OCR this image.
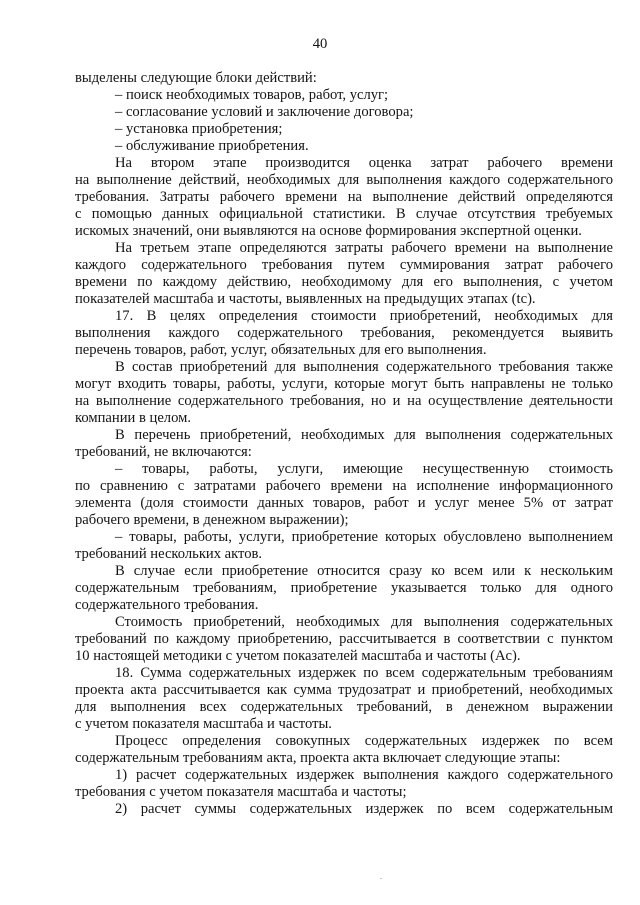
40
выделены следующие блоки действий:
– поиск необходимых товаров, работ, услуг;
– согласование условий и заключение договора;
– установка приобретения;
– обслуживание приобретения.
На втором этапе производится оценка затрат рабочего времени
на выполнение действий, необходимых для выполнения каждого содержательного
требования. Затраты рабочего времени на выполнение действий определяются
с помощью данных официальной статистики. В случае отсутствия требуемых
искомых значений, они выявляются на основе формирования экспертной оценки.
На третьем этапе определяются затраты рабочего времени на выполнение
каждого содержательного требования путем суммирования затрат рабочего
времени по каждому действию, необходимому для его выполнения, с учетом
показателей масштаба и частоты, выявленных на предыдущих этапах (tc).
17. В целях определения стоимости приобретений, необходимых для
выполнения каждого содержательного требования, рекомендуется выявить
перечень товаров, работ, услуг, обязательных для его выполнения.
В состав приобретений для выполнения содержательного требования также
могут входить товары, работы, услуги, которые могут быть направлены не только
на выполнение содержательного требования, но и на осуществление деятельности
компании в целом.
В перечень приобретений, необходимых для выполнения содержательных
требований, не включаются:
– товары, работы, услуги, имеющие несущественную стоимость
по сравнению с затратами рабочего времени на исполнение информационного
элемента (доля стоимости данных товаров, работ и услуг менее 5% от затрат
рабочего времени, в денежном выражении);
– товары, работы, услуги, приобретение которых обусловлено выполнением
требований нескольких актов.
В случае если приобретение относится сразу ко всем или к нескольким
содержательным требованиям, приобретение указывается только для одного
содержательного требования.
Стоимость приобретений, необходимых для выполнения содержательных
требований по каждому приобретению, рассчитывается в соответствии с пунктом
10 настоящей методики с учетом показателей масштаба и частоты (Ac).
18. Сумма содержательных издержек по всем содержательным требованиям
проекта акта рассчитывается как сумма трудозатрат и приобретений, необходимых
для выполнения всех содержательных требований, в денежном выражении
с учетом показателя масштаба и частоты.
Процесс определения совокупных содержательных издержек по всем
содержательным требованиям акта, проекта акта включает следующие этапы:
1) расчет содержательных издержек выполнения каждого содержательного
требования с учетом показателя масштаба и частоты;
2) расчет суммы содержательных издержек по всем содержательным
.
